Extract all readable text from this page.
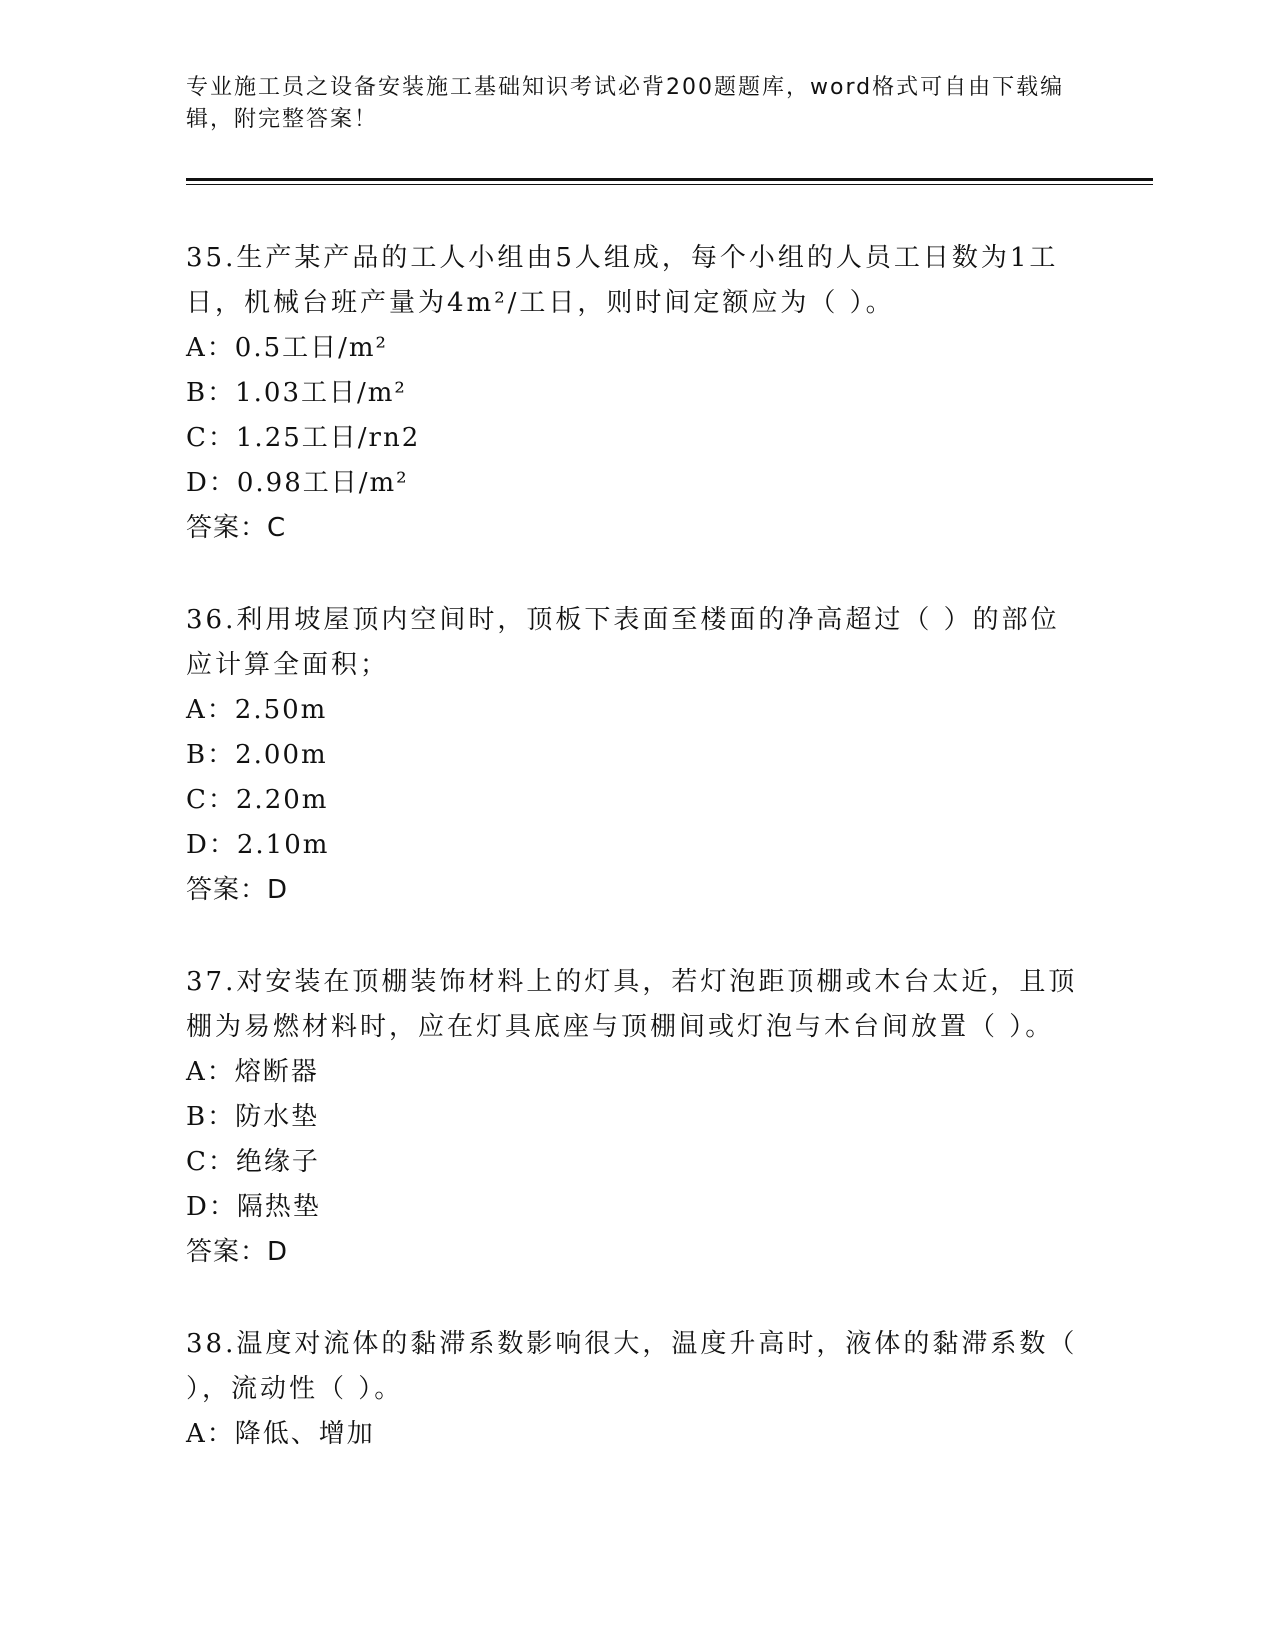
专业施工员之设备安装施工基础知识考试必背200题题库，word格式可自由下载编辑，附完整答案！

35.生产某产品的工人小组由5人组成，每个小组的人员工日数为1工日，机械台班产量为4m²/工日，则时间定额应为（ ）。

A：0.5工日/m²

B：1.03工日/m²

C：1.25工日/rn2

D：0.98工日/m²

答案：C

36.利用坡屋顶内空间时，顶板下表面至楼面的净高超过（ ）的部位应计算全面积；

A：2.50m

B：2.00m

C：2.20m

D：2.10m

答案：D

37.对安装在顶棚装饰材料上的灯具，若灯泡距顶棚或木台太近，且顶棚为易燃材料时，应在灯具底座与顶棚间或灯泡与木台间放置（ ）。

A：熔断器

B：防水垫

C：绝缘子

D：隔热垫

答案：D

38.温度对流体的黏滞系数影响很大，温度升高时，液体的黏滞系数（ ），流动性（ ）。

A：降低、增加
